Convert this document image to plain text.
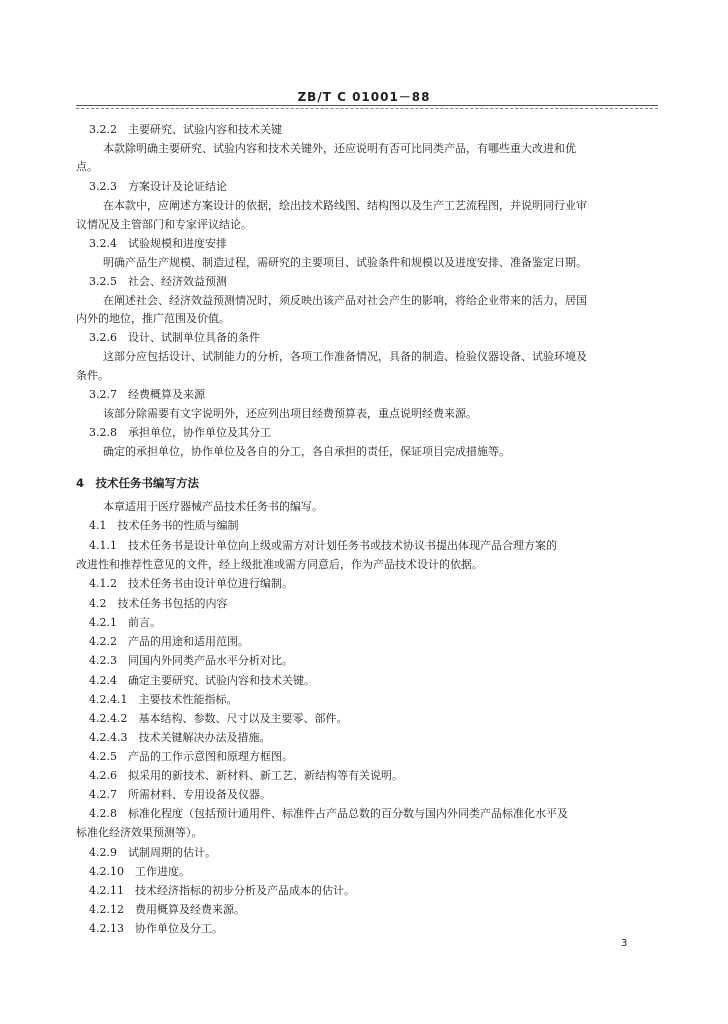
ZB/T C 01001－88
3.2.2　主要研究、试验内容和技术关键
本款除明确主要研究、试验内容和技术关键外，还应说明有否可比同类产品，有哪些重大改进和优
点。
3.2.3　方案设计及论证结论
在本款中，应阐述方案设计的依据，绘出技术路线图、结构图以及生产工艺流程图，并说明同行业审
议情况及主管部门和专家评议结论。
3.2.4　试验规模和进度安排
明确产品生产规模、制造过程，需研究的主要项目、试验条件和规模以及进度安排、准备鉴定日期。
3.2.5　社会、经济效益预测
在阐述社会、经济效益预测情况时，须反映出该产品对社会产生的影响，将给企业带来的活力，居国
内外的地位，推广范围及价值。
3.2.6　设计、试制单位具备的条件
这部分应包括设计、试制能力的分析，各项工作准备情况，具备的制造、检验仪器设备、试验环境及
条件。
3.2.7　经费概算及来源
该部分除需要有文字说明外，还应列出项目经费预算表，重点说明经费来源。
3.2.8　承担单位，协作单位及其分工
确定的承担单位，协作单位及各自的分工，各自承担的责任，保证项目完成措施等。
4　技术任务书编写方法
本章适用于医疗器械产品技术任务书的编写。
4.1　技术任务书的性质与编制
4.1.1　技术任务书是设计单位向上级或需方对计划任务书或技术协议书提出体现产品合理方案的
改进性和推荐性意见的文件，经上级批准或需方同意后，作为产品技术设计的依据。
4.1.2　技术任务书由设计单位进行编制。
4.2　技术任务书包括的内容
4.2.1　前言。
4.2.2　产品的用途和适用范围。
4.2.3　同国内外同类产品水平分析对比。
4.2.4　确定主要研究、试验内容和技术关键。
4.2.4.1　主要技术性能指标。
4.2.4.2　基本结构、参数、尺寸以及主要零、部件。
4.2.4.3　技术关键解决办法及措施。
4.2.5　产品的工作示意图和原理方框图。
4.2.6　拟采用的新技术、新材料、新工艺、新结构等有关说明。
4.2.7　所需材料、专用设备及仪器。
4.2.8　标准化程度（包括预计通用件、标准件占产品总数的百分数与国内外同类产品标准化水平及
标准化经济效果预测等）。
4.2.9　试制周期的估计。
4.2.10　工作进度。
4.2.11　技术经济指标的初步分析及产品成本的估计。
4.2.12　费用概算及经费来源。
4.2.13　协作单位及分工。
3
